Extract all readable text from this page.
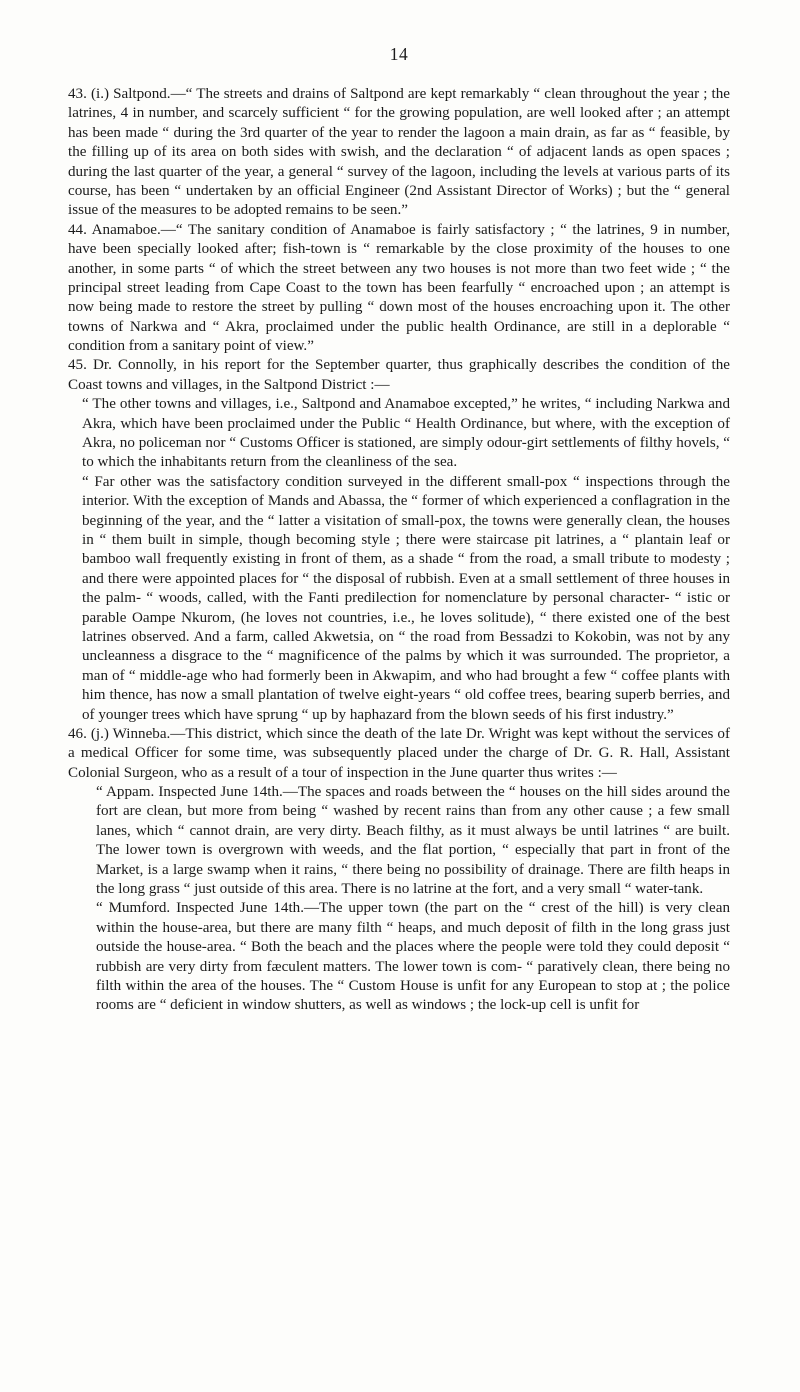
14

43. (i.) Saltpond.—“ The streets and drains of Saltpond are kept remarkably “ clean throughout the year ; the latrines, 4 in number, and scarcely sufficient “ for the growing population, are well looked after ; an attempt has been made “ during the 3rd quarter of the year to render the lagoon a main drain, as far as “ feasible, by the filling up of its area on both sides with swish, and the declaration “ of adjacent lands as open spaces ; during the last quarter of the year, a general “ survey of the lagoon, including the levels at various parts of its course, has been “ undertaken by an official Engineer (2nd Assistant Director of Works) ; but the “ general issue of the measures to be adopted remains to be seen.”

44. Anamaboe.—“ The sanitary condition of Anamaboe is fairly satisfactory ; “ the latrines, 9 in number, have been specially looked after; fish-town is “ remarkable by the close proximity of the houses to one another, in some parts “ of which the street between any two houses is not more than two feet wide ; “ the principal street leading from Cape Coast to the town has been fearfully “ encroached upon ; an attempt is now being made to restore the street by pulling “ down most of the houses encroaching upon it. The other towns of Narkwa and “ Akra, proclaimed under the public health Ordinance, are still in a deplorable “ condition from a sanitary point of view.”

45. Dr. Connolly, in his report for the September quarter, thus graphically describes the condition of the Coast towns and villages, in the Saltpond District :—

“ The other towns and villages, i.e., Saltpond and Anamaboe excepted,” he writes, “ including Narkwa and Akra, which have been proclaimed under the Public “ Health Ordinance, but where, with the exception of Akra, no policeman nor “ Customs Officer is stationed, are simply odour-girt settlements of filthy hovels, “ to which the inhabitants return from the cleanliness of the sea.

“ Far other was the satisfactory condition surveyed in the different small-pox “ inspections through the interior. With the exception of Mands and Abassa, the “ former of which experienced a conflagration in the beginning of the year, and the “ latter a visitation of small-pox, the towns were generally clean, the houses in “ them built in simple, though becoming style ; there were staircase pit latrines, a “ plantain leaf or bamboo wall frequently existing in front of them, as a shade “ from the road, a small tribute to modesty ; and there were appointed places for “ the disposal of rubbish. Even at a small settlement of three houses in the palm- “ woods, called, with the Fanti predilection for nomenclature by personal character- “ istic or parable Oampe Nkurom, (he loves not countries, i.e., he loves solitude), “ there existed one of the best latrines observed. And a farm, called Akwetsia, on “ the road from Bessadzi to Kokobin, was not by any uncleanness a disgrace to the “ magnificence of the palms by which it was surrounded. The proprietor, a man of “ middle-age who had formerly been in Akwapim, and who had brought a few “ coffee plants with him thence, has now a small plantation of twelve eight-years “ old coffee trees, bearing superb berries, and of younger trees which have sprung “ up by haphazard from the blown seeds of his first industry.”

46. (j.) Winneba.—This district, which since the death of the late Dr. Wright was kept without the services of a medical Officer for some time, was subsequently placed under the charge of Dr. G. R. Hall, Assistant Colonial Surgeon, who as a result of a tour of inspection in the June quarter thus writes :—

“ Appam. Inspected June 14th.—The spaces and roads between the “ houses on the hill sides around the fort are clean, but more from being “ washed by recent rains than from any other cause ; a few small lanes, which “ cannot drain, are very dirty. Beach filthy, as it must always be until latrines “ are built. The lower town is overgrown with weeds, and the flat portion, “ especially that part in front of the Market, is a large swamp when it rains, “ there being no possibility of drainage. There are filth heaps in the long grass “ just outside of this area. There is no latrine at the fort, and a very small “ water-tank.

“ Mumford. Inspected June 14th.—The upper town (the part on the “ crest of the hill) is very clean within the house-area, but there are many filth “ heaps, and much deposit of filth in the long grass just outside the house-area. “ Both the beach and the places where the people were told they could deposit “ rubbish are very dirty from fæculent matters. The lower town is com- “ paratively clean, there being no filth within the area of the houses. The “ Custom House is unfit for any European to stop at ; the police rooms are “ deficient in window shutters, as well as windows ; the lock-up cell is unfit for
